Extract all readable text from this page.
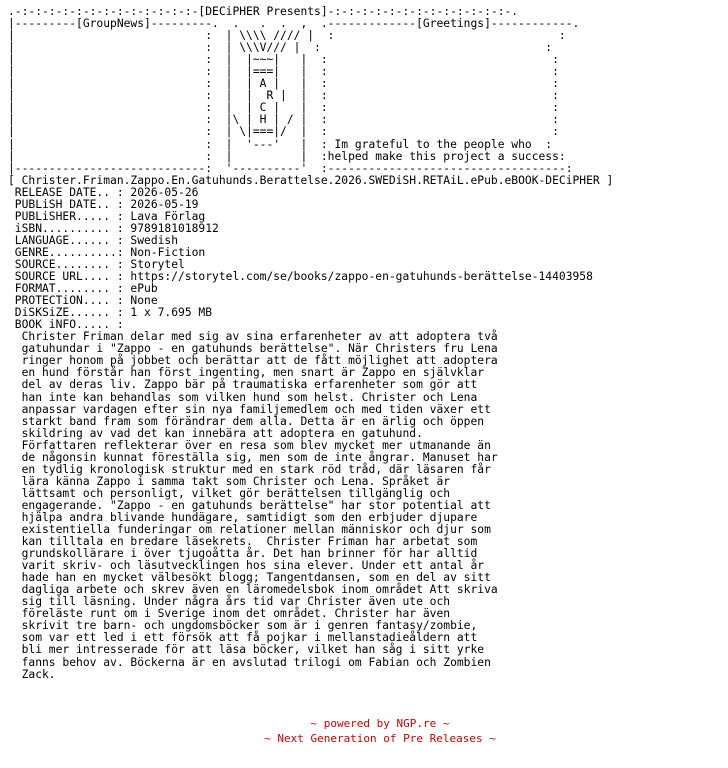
.-:-:-:-:-:-:-:-:-:-:-:-:-:-[DECiPHER Presents]-:-:-:-:-:-:-:-:-:-:-:-:-:-.
|---------[GroupNews]---------.  .   .  .  ,  .-------------[Greetings]------------.
|                            :  | \\\\ //// |  :                                 :
|                            :  | \\\V/// |  :                                 :
|                            :  |  |~~~|   |  :                                 :
|                            :  |  |===|   |  :                                 :
|                            :  |  | A |   |  :                                 :
|                            :  |  |  R |  |  :                                 :
|                            :  |  | C |   |  :                                 :
|                            :  |\ | H | / |  :                                 :
|                            :  | \|===|/  |  :                                 :
|                            :  |  '---'   |  : Im grateful to the people who  :
|                            :  |          |  :helped make this project a success:
|----------------------------:  '----------'  :-----------------------------------:
[ Christer.Friman.Zappo.En.Gatuhunds.Berattelse.2026.SWEDiSH.RETAiL.ePub.eBOOK-DECiPHER ]
RELEASE DATE.. : 2026-05-26
PUBLiSH DATE.. : 2026-05-19
PUBLiSHER..... : Lava Förlag
iSBN.......... : 9789181018912
LANGUAGE...... : Swedish
GENRE..........: Non-Fiction
SOURCE........ : Storytel
SOURCE URL.... : https://storytel.com/se/books/zappo-en-gatuhunds-berättelse-14403958
FORMAT........ : ePub
PROTECTiON.... : None
DiSKSiZE...... : 1 x 7.695 MB
BOOK iNFO..... :
Christer Friman delar med sig av sina erfarenheter av att adoptera två
gatuhundar i "Zappo - en gatuhunds berättelse". När Christers fru Lena
ringer honom på jobbet och berättar att de fått möjlighet att adoptera
en hund förstår han först ingenting, men snart är Zappo en självklar
del av deras liv. Zappo bär på traumatiska erfarenheter som gör att
han inte kan behandlas som vilken hund som helst. Christer och Lena
anpassar vardagen efter sin nya familjemedlem och med tiden växer ett
starkt band fram som förändrar dem alla. Detta är en ärlig och öppen
skildring av vad det kan innebära att adoptera en gatuhund.
Författaren reflekterar över en resa som blev mycket mer utmanande än
de någonsin kunnat föreställa sig, men som de inte ångrar. Manuset har
en tydlig kronologisk struktur med en stark röd tråd, där läsaren får
lära känna Zappo i samma takt som Christer och Lena. Språket är
lättsamt och personligt, vilket gör berättelsen tillgänglig och
engagerande. "Zappo - en gatuhunds berättelse" har stor potential att
hjälpa andra blivande hundägare, samtidigt som den erbjuder djupare
existentiella funderingar om relationer mellan människor och djur som
kan tilltala en bredare läsekrets.  Christer Friman har arbetat som
grundskollärare i över tjugoåtta år. Det han brinner för har alltid
varit skriv- och läsutvecklingen hos sina elever. Under ett antal år
hade han en mycket välbesökt blogg; Tangentdansen, som en del av sitt
dagliga arbete och skrev även en läromedelsbok inom området Att skriva
sig till läsning. Under några års tid var Christer även ute och
föreläste runt om i Sverige inom det området. Christer har även
skrivit tre barn- och ungdomsböcker som är i genren fantasy/zombie,
som var ett led i ett försök att få pojkar i mellanstadieåldern att
bli mer intresserade för att läsa böcker, vilket han såg i sitt yrke
fanns behov av. Böckerna är en avslutad trilogi om Fabian och Zombien
Zack.
~ powered by NGP.re ~
~ Next Generation of Pre Releases ~
